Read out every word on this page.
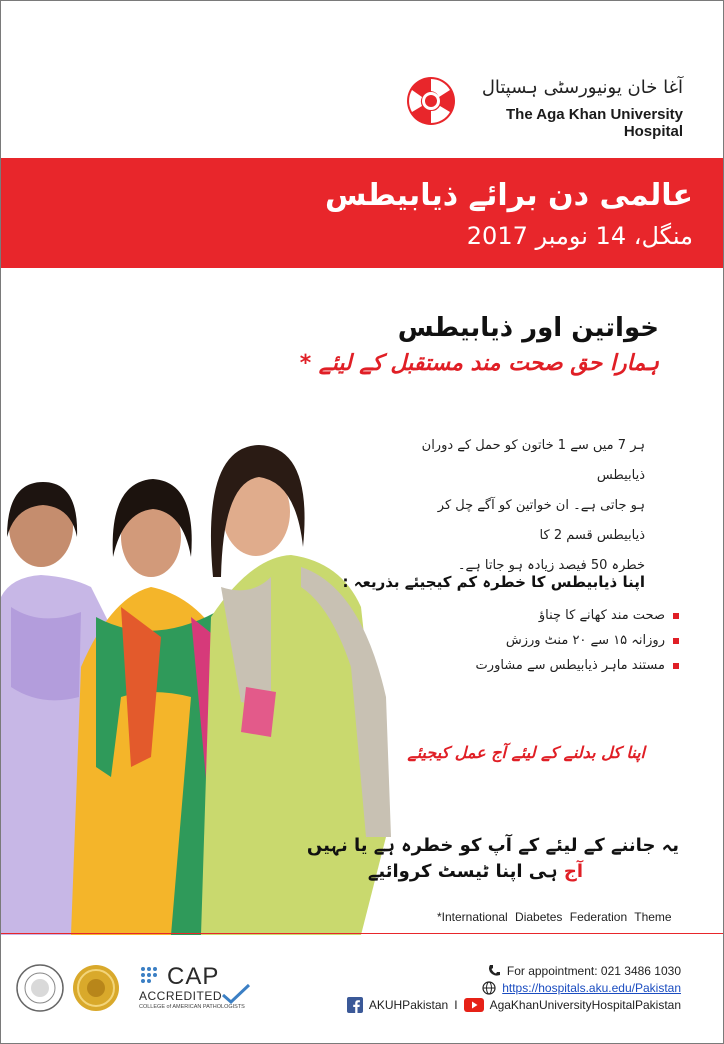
آغا خان یونیورسٹی ہسپتال
The Aga Khan University Hospital
عالمی دن برائے ذیابیطس
منگل، 14 نومبر 2017
خواتین اور ذیابیطس
ہمارا حق صحت مند مستقبل کے لیئے *
ہر 7 میں سے 1 خاتون کو حمل کے دوران ذیابیطس
ہو جاتی ہے۔ ان خواتین کو آگے چل کر ذیابیطس قسم 2 کا
خطرہ 50 فیصد زیادہ ہو جاتا ہے۔
اپنا ذیابیطس کا خطرہ کم کیجیئے بذریعہ :
صحت مند کھانے کا چناؤ
روزانہ ۱۵ سے ۲۰ منٹ ورزش
مستند ماہر ذیابیطس سے مشاورت
اپنا کل بدلنے کے لیئے آج عمل کیجیئے
یہ جاننے کے لیئے کے آپ کو خطرہ ہے یا نہیں
آج ہی اپنا ٹیسٹ کروائیے
*International Diabetes Federation Theme
CAP
ACCREDITED
COLLEGE of AMERICAN PATHOLOGISTS
For appointment: 021 3486 1030
https://hospitals.aku.edu/Pakistan
AKUHPakistan I	AgaKhanUniversityHospitalPakistan
